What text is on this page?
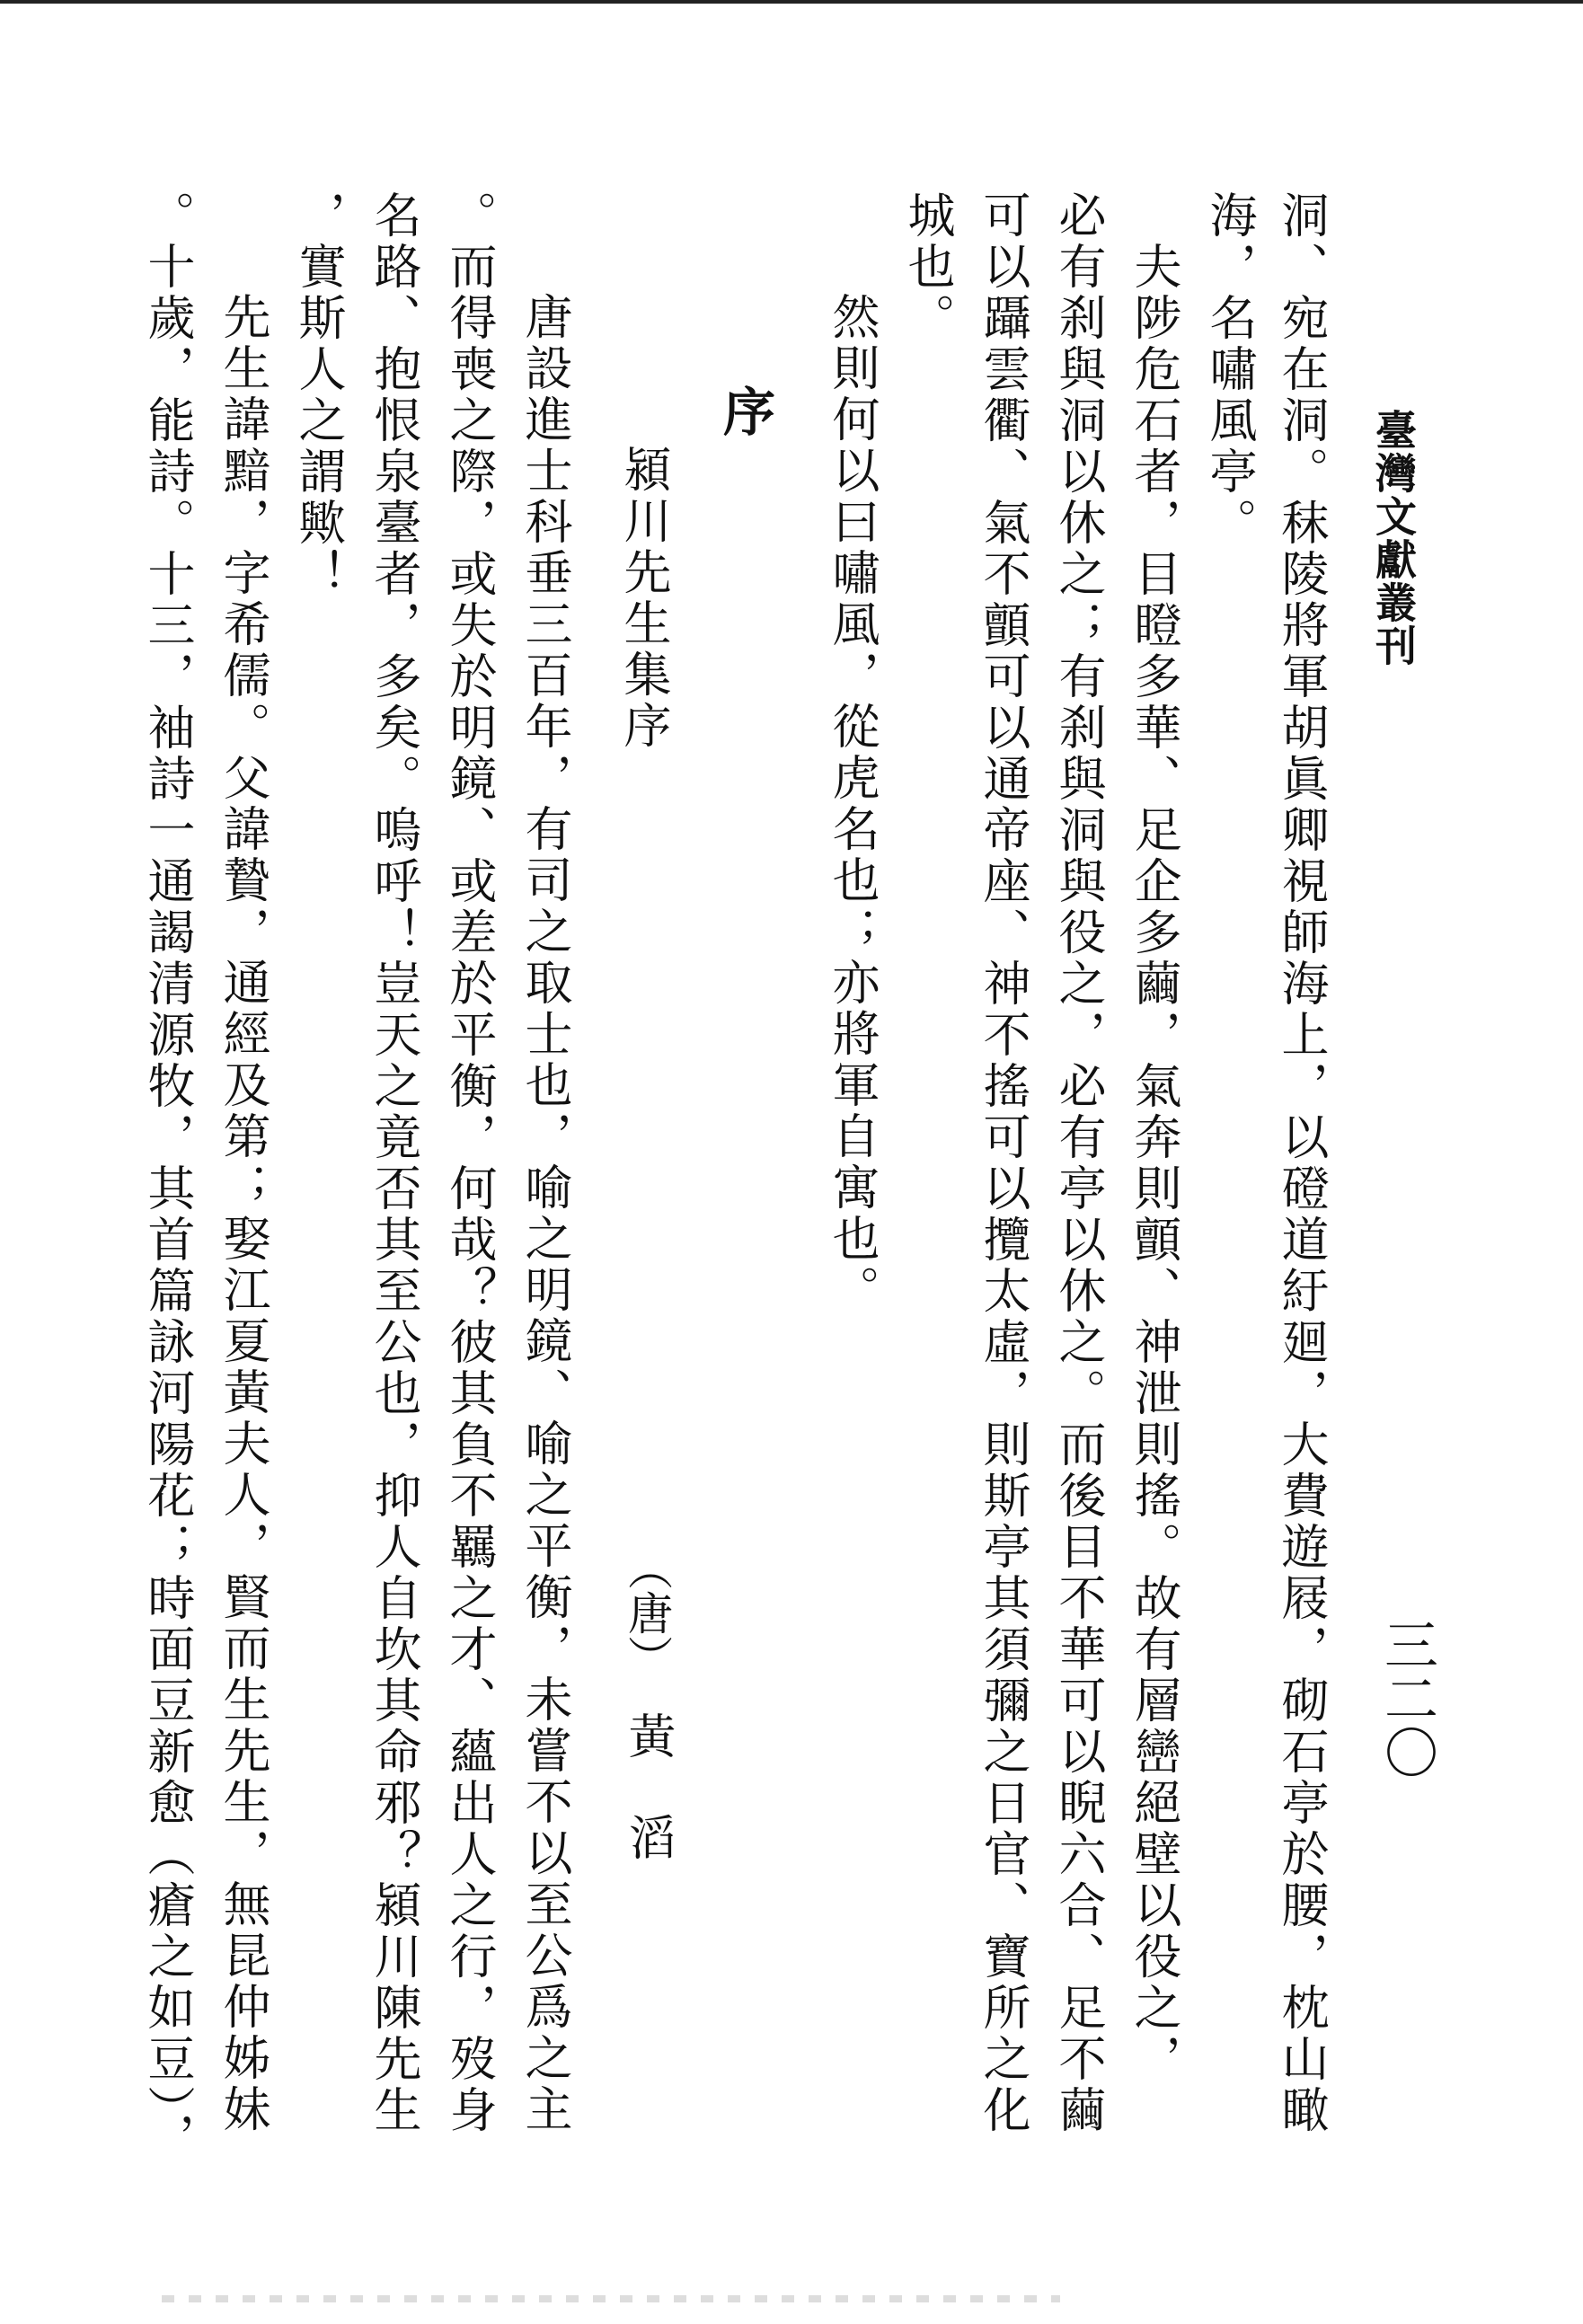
臺灣文獻叢刊
三二〇
洞、宛在洞。秣陵將軍胡眞卿視師海上，以磴道紆廻，大費遊屐，砌石亭於腰，枕山瞰
海，名嘯風亭。
　夫陟危石者，目瞪多華、足企多繭，氣奔則顫、神泄則搖。故有層巒絕壁以役之，
必有刹與洞以休之；有刹與洞與役之，必有亭以休之。而後目不華可以睨六合、足不繭
可以躡雲衢、氣不顫可以通帝座、神不搖可以攬太虛，則斯亭其須彌之日官、寶所之化
城也。
　然則何以曰嘯風，從虎名也；亦將軍自寓也。
序
潁川先生集序
（唐）
黃滔
　唐設進士科垂三百年，有司之取士也，喻之明鏡、喻之平衡，未嘗不以至公爲之主
。而得喪之際，或失於明鏡、或差於平衡，何哉？彼其負不羈之才、蘊出人之行，歿身
名路、抱恨泉臺者，多矣。嗚呼！豈天之竟否其至公也，抑人自坎其命邪？潁川陳先生
，實斯人之謂歟！
　先生諱黯，字希儒。父諱贄，通經及第；娶江夏黃夫人，賢而生先生，無昆仲姊妹
。十歲，能詩。十三，袖詩一通謁清源牧，其首篇詠河陽花；時面豆新愈（瘡之如豆），
